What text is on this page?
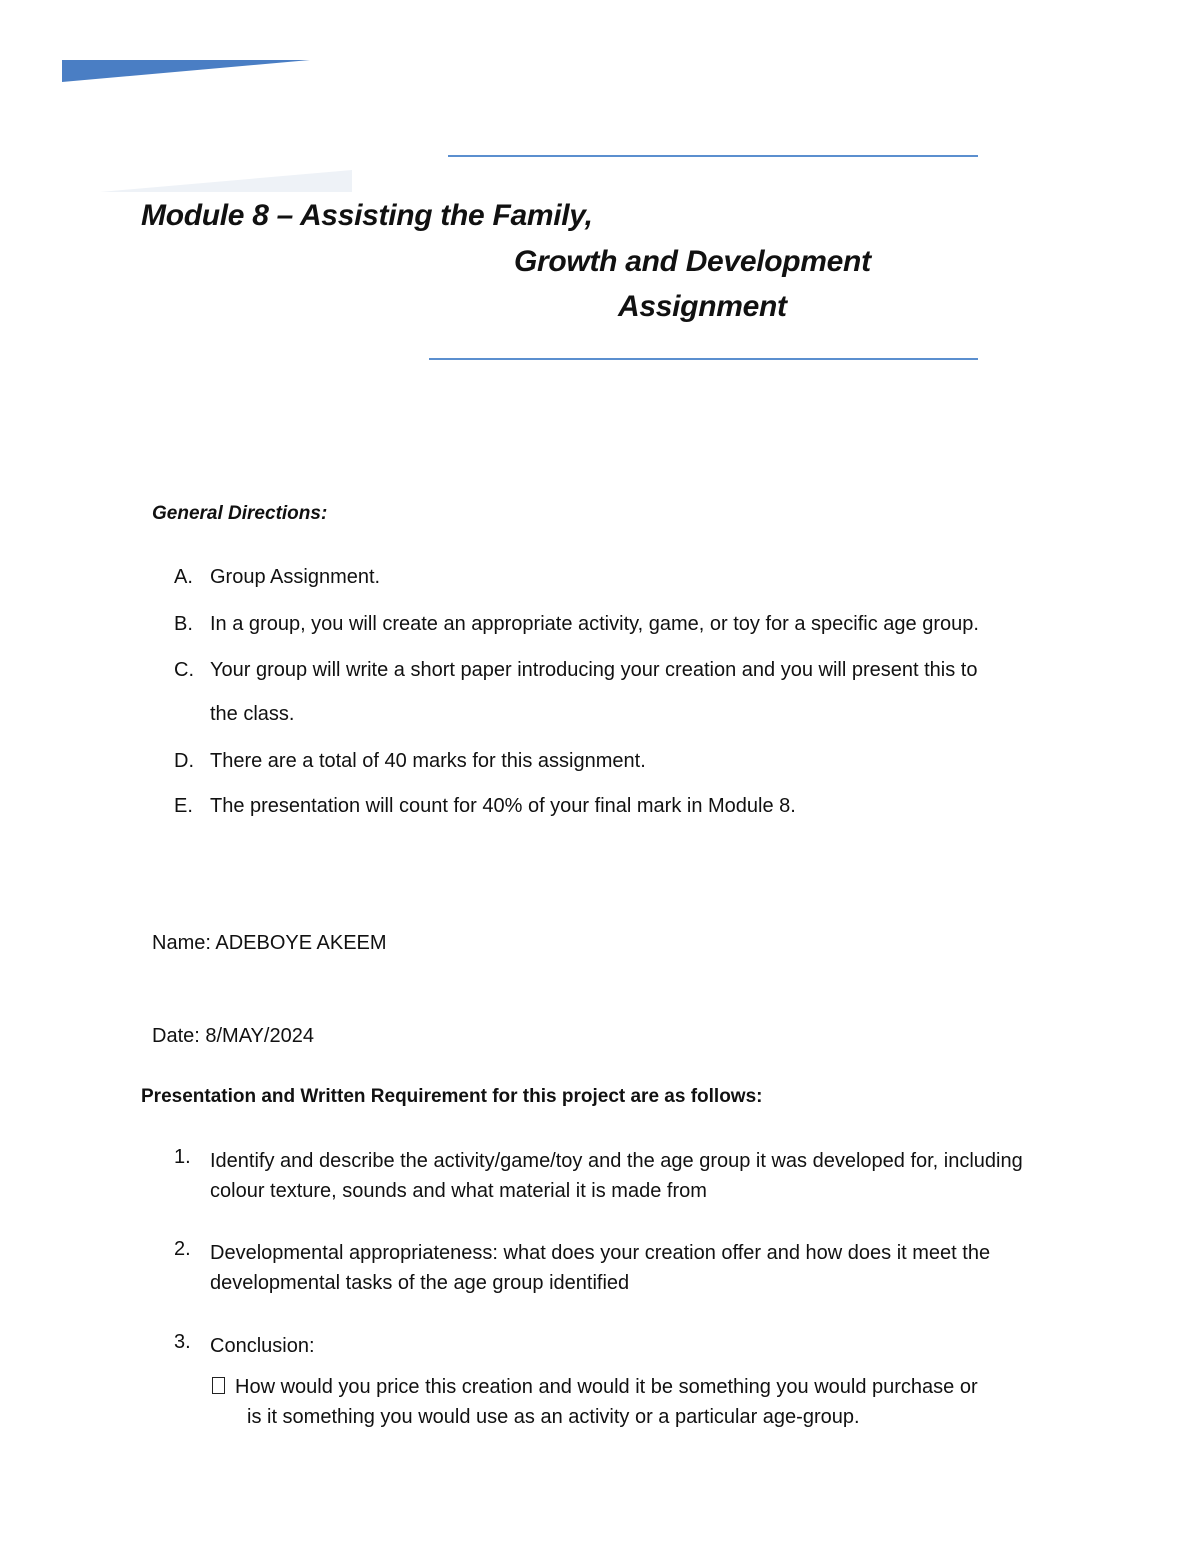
Module 8 – Assisting the Family,
Growth and Development
Assignment
General Directions:
A. Group Assignment.
B. In a group, you will create an appropriate activity, game, or toy for a specific age group.
C. Your group will write a short paper introducing your creation and you will present this to
the class.
D. There are a total of 40 marks for this assignment.
E. The presentation will count for 40% of your final mark in Module 8.
Name: ADEBOYE AKEEM
Date: 8/MAY/2024
Presentation and Written Requirement for this project are as follows:
1. Identify and describe the activity/game/toy and the age group it was developed for, including colour texture, sounds and what material it is made from
2. Developmental appropriateness: what does your creation offer and how does it meet the developmental tasks of the age group identified
3. Conclusion:
How would you price this creation and would it be something you would purchase or
is it something you would use as an activity or a particular age-group.
